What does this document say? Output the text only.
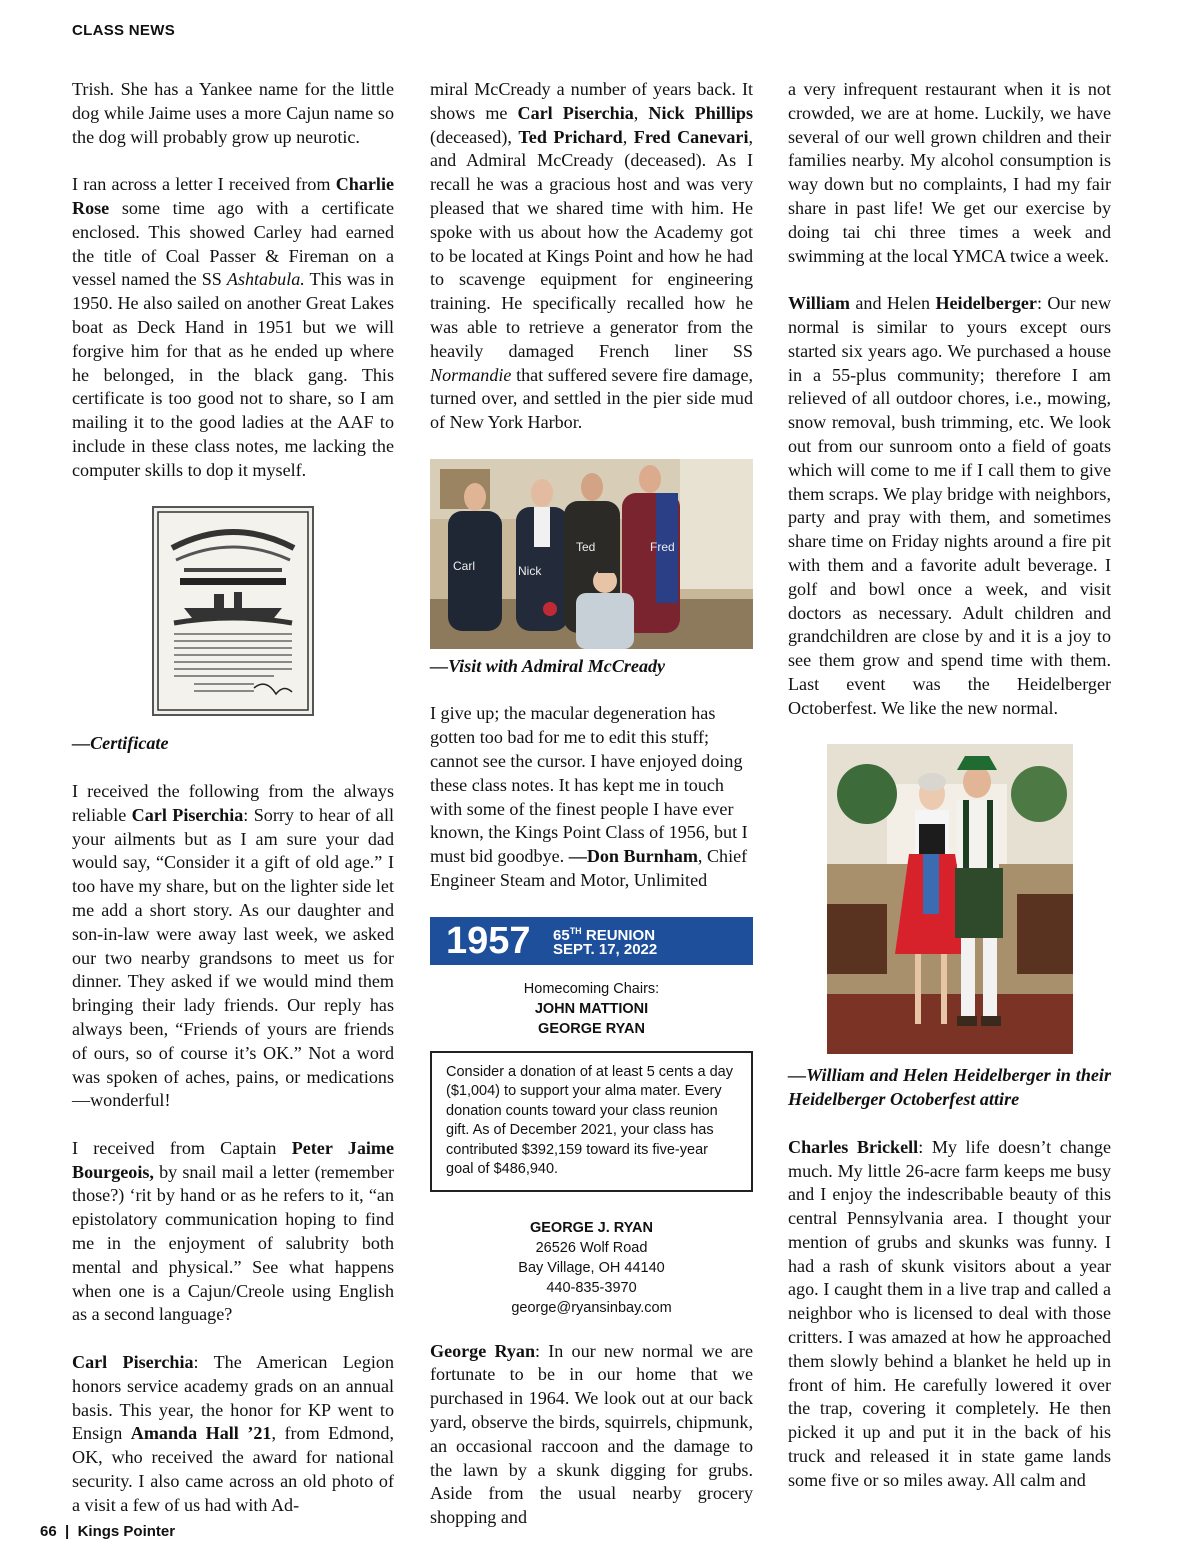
CLASS NEWS

Trish. She has a Yankee name for the little dog while Jaime uses a more Cajun name so the dog will probably grow up neurotic.

I ran across a letter I received from Charlie Rose some time ago with a certificate enclosed. This showed Carley had earned the title of Coal Passer & Fireman on a vessel named the SS Ashtabula. This was in 1950. He also sailed on another Great Lakes boat as Deck Hand in 1951 but we will forgive him for that as he ended up where he belonged, in the black gang. This certificate is too good not to share, so I am mailing it to the good ladies at the AAF to include in these class notes, me lacking the computer skills to dop it myself.

—Certificate

I received the following from the always reliable Carl Piserchia: Sorry to hear of all your ailments but as I am sure your dad would say, “Consider it a gift of old age.” I too have my share, but on the lighter side let me add a short story. As our daughter and son-in-law were away last week, we asked our two nearby grandsons to meet us for dinner. They asked if we would mind them bringing their lady friends. Our reply has always been, “Friends of yours are friends of ours, so of course it’s OK.” Not a word was spoken of aches, pains, or medications—wonderful!

I received from Captain Peter Jaime Bourgeois, by snail mail a letter (remember those?) ‘rit by hand or as he refers to it, “an epistolatory communication hoping to find me in the enjoyment of salubrity both mental and physical.” See what happens when one is a Cajun/Creole using English as a second language?

Carl Piserchia: The American Legion honors service academy grads on an annual basis. This year, the honor for KP went to Ensign Amanda Hall ’21, from Edmond, OK, who received the award for national security. I also came across an old photo of a visit a few of us had with Ad-

miral McCready a number of years back. It shows me Carl Piserchia, Nick Phillips (deceased), Ted Prichard, Fred Canevari, and Admiral McCready (deceased). As I recall he was a gracious host and was very pleased that we shared time with him. He spoke with us about how the Academy got to be located at Kings Point and how he had to scavenge equipment for engineering training. He specifically recalled how he was able to retrieve a generator from the heavily damaged French liner SS Normandie that suffered severe fire damage, turned over, and settled in the pier side mud of New York Harbor.

Carl	Nick
Ted	Fred

—Visit with Admiral McCready

I give up; the macular degeneration has gotten too bad for me to edit this stuff; cannot see the cursor. I have enjoyed doing these class notes. It has kept me in touch with some of the finest people I have ever known, the Kings Point Class of 1956, but I must bid goodbye. —Don Burnham, Chief Engineer Steam and Motor, Unlimited

1957 65TH REUNION
SEPT. 17, 2022
Homecoming Chairs:
JOHN MATTIONI
GEORGE RYAN
Consider a donation of at least 5 cents a day ($1,004) to support your alma mater. Every donation counts toward your class reunion gift. As of December 2021, your class has contributed $392,159 toward its five-year goal of $486,940.
GEORGE J. RYAN
26526 Wolf Road
Bay Village, OH 44140
440-835-3970
george@ryansinbay.com

George Ryan: In our new normal we are fortunate to be in our home that we purchased in 1964. We look out at our back yard, observe the birds, squirrels, chipmunk, an occasional raccoon and the damage to the lawn by a skunk digging for grubs. Aside from the usual nearby grocery shopping and

a very infrequent restaurant when it is not crowded, we are at home. Luckily, we have several of our well grown children and their families nearby. My alcohol consumption is way down but no complaints, I had my fair share in past life! We get our exercise by doing tai chi three times a week and swimming at the local YMCA twice a week.

William and Helen Heidelberger: Our new normal is similar to yours except ours started six years ago. We purchased a house in a 55-plus community; therefore I am relieved of all outdoor chores, i.e., mowing, snow removal, bush trimming, etc. We look out from our sunroom onto a field of goats which will come to me if I call them to give them scraps. We play bridge with neighbors, party and pray with them, and sometimes share time on Friday nights around a fire pit with them and a favorite adult beverage. I golf and bowl once a week, and visit doctors as necessary. Adult children and grandchildren are close by and it is a joy to see them grow and spend time with them. Last event was the Heidelberger Octoberfest. We like the new normal.

—William and Helen Heidelberger in their Heidelberger Octoberfest attire

Charles Brickell: My life doesn’t change much. My little 26-acre farm keeps me busy and I enjoy the indescribable beauty of this central Pennsylvania area. I thought your mention of grubs and skunks was funny. I had a rash of skunk visitors about a year ago. I caught them in a live trap and called a neighbor who is licensed to deal with those critters. I was amazed at how he approached them slowly behind a blanket he held up in front of him. He carefully lowered it over the trap, covering it completely. He then picked it up and put it in the back of his truck and released it in state game lands some five or so miles away. All calm and

66 | Kings Pointer
